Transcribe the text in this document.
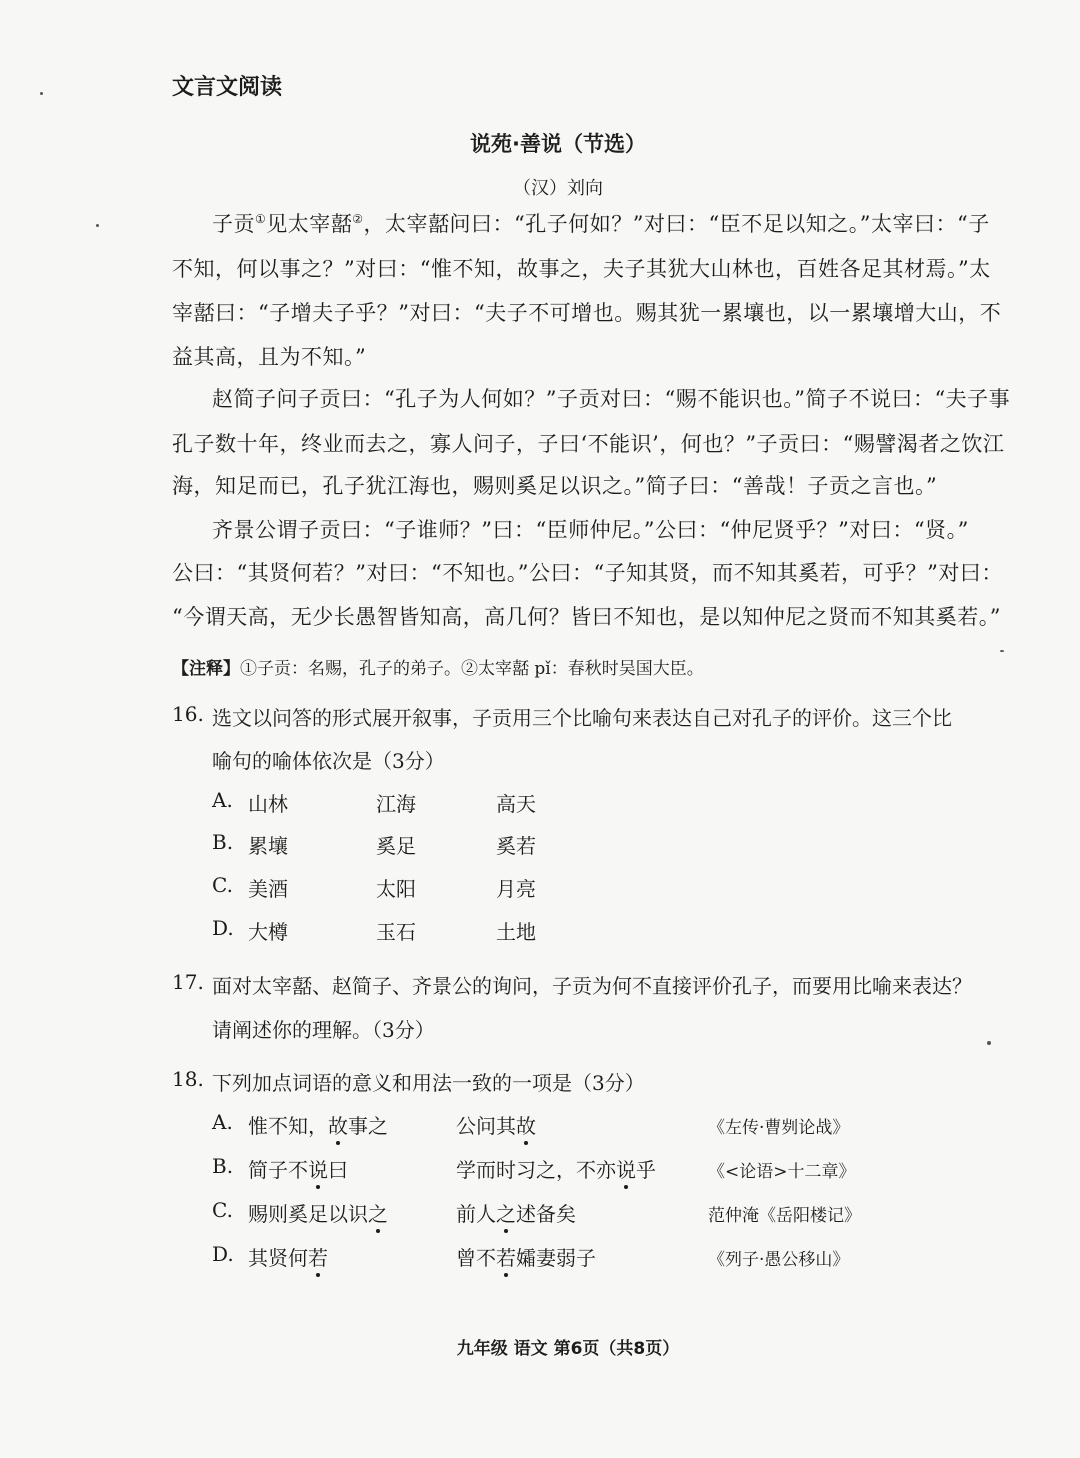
文言文阅读
说苑·善说（节选）
（汉）刘向
子贡①见太宰嚭②，太宰嚭问曰：“孔子何如？”对曰：“臣不足以知之。”太宰曰：“子
不知，何以事之？”对曰：“惟不知，故事之，夫子其犹大山林也，百姓各足其材焉。”太
宰嚭曰：“子增夫子乎？”对曰：“夫子不可增也。赐其犹一累壤也，以一累壤增大山，不
益其高，且为不知。”
赵简子问子贡曰：“孔子为人何如？”子贡对曰：“赐不能识也。”简子不说曰：“夫子事
孔子数十年，终业而去之，寡人问子，子曰‘不能识’，何也？”子贡曰：“赐譬渴者之饮江
海，知足而已，孔子犹江海也，赐则奚足以识之。”简子曰：“善哉！子贡之言也。”
齐景公谓子贡曰：“子谁师？”曰：“臣师仲尼。”公曰：“仲尼贤乎？”对曰：“贤。”
公曰：“其贤何若？”对曰：“不知也。”公曰：“子知其贤，而不知其奚若，可乎？”对曰：
“今谓天高，无少长愚智皆知高，高几何？皆曰不知也，是以知仲尼之贤而不知其奚若。”
【注释】①子贡：名赐，孔子的弟子。②太宰嚭 pǐ：春秋时吴国大臣。
16. 选文以问答的形式展开叙事，子贡用三个比喻句来表达自己对孔子的评价。这三个比
喻句的喻体依次是（3分）
A. 山林	江海	高天
B. 累壤	奚足	奚若
C. 美酒	太阳	月亮
D. 大樽	玉石	土地
17. 面对太宰嚭、赵简子、齐景公的询问，子贡为何不直接评价孔子，而要用比喻来表达？
请阐述你的理解。（3分）
18. 下列加点词语的意义和用法一致的一项是（3分）
A. 惟不知，故事之	公问其故	《左传·曹刿论战》
B. 简子不说曰	学而时习之，不亦说乎	《<论语>十二章》
C. 赐则奚足以识之	前人之述备矣	范仲淹《岳阳楼记》
D. 其贤何若	曾不若孀妻弱子	《列子·愚公移山》
九年级 语文 第6页（共8页）
